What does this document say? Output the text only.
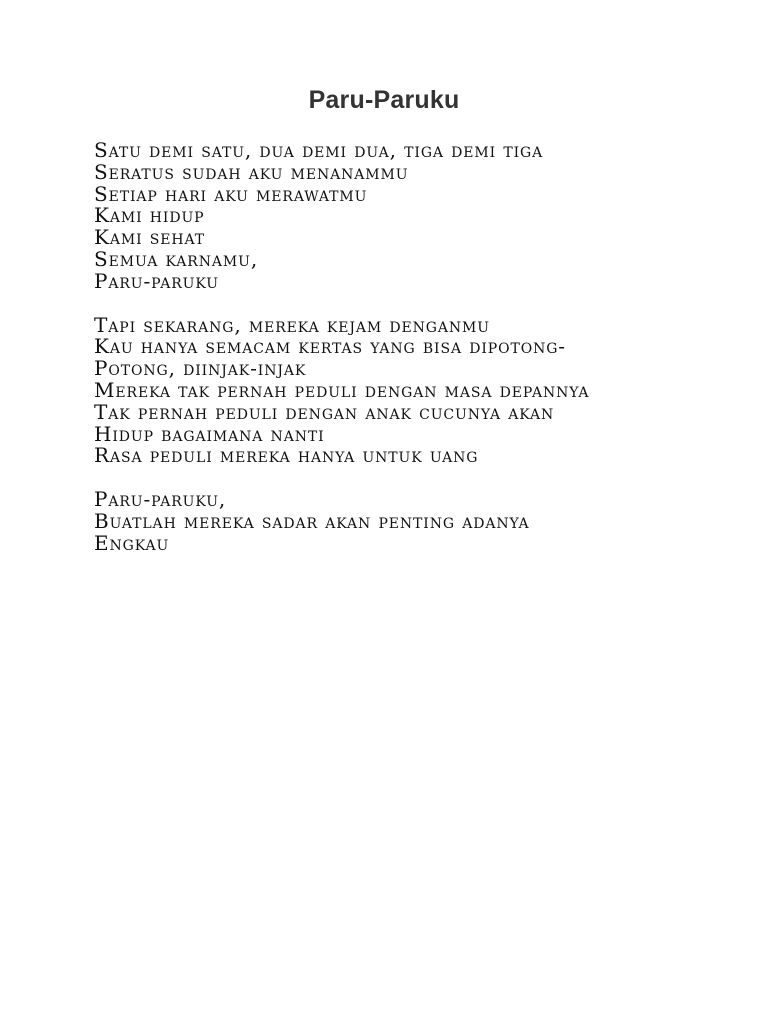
Paru-Paruku
Satu demi satu, dua demi dua, tiga demi tiga
Seratus sudah aku menanammu
Setiap hari aku merawatmu
Kami hidup
Kami sehat
Semua karnamu,
Paru-paruku
Tapi sekarang, mereka kejam denganmu
Kau hanya semacam kertas yang bisa dipotong-
Potong, diinjak-injak
Mereka tak pernah peduli dengan masa depannya
Tak pernah peduli dengan anak cucunya akan
Hidup bagaimana nanti
Rasa peduli mereka hanya untuk uang
Paru-paruku,
Buatlah mereka sadar akan penting adanya
Engkau
